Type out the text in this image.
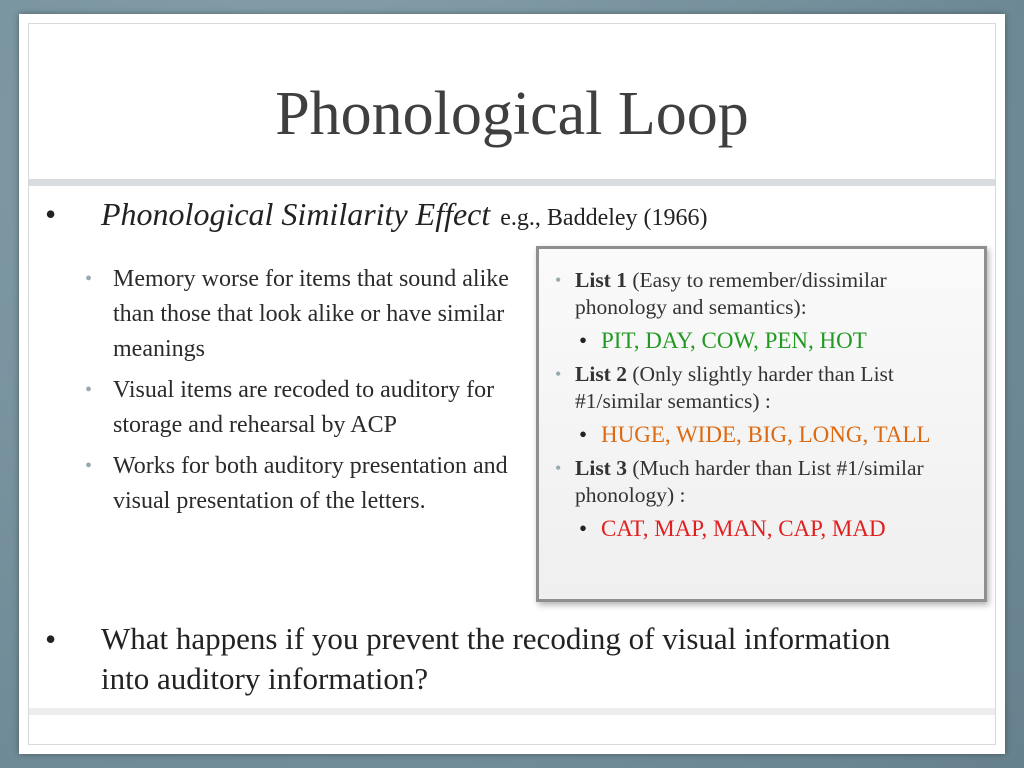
Phonological Loop
• Phonological Similarity Effect e.g., Baddeley (1966)
• Memory worse for items that sound alike than those that look alike or have similar meanings
• Visual items are recoded to auditory for storage and rehearsal by ACP
• Works for both auditory presentation and visual presentation of the letters.
• List 1 (Easy to remember/dissimilar phonology and semantics):
• PIT, DAY, COW, PEN, HOT
• List 2 (Only slightly harder than List #1/similar semantics) :
• HUGE, WIDE, BIG, LONG, TALL
• List 3 (Much harder than List #1/similar phonology) :
• CAT, MAP, MAN, CAP, MAD
• What happens if you prevent the recoding of visual information into auditory information?
